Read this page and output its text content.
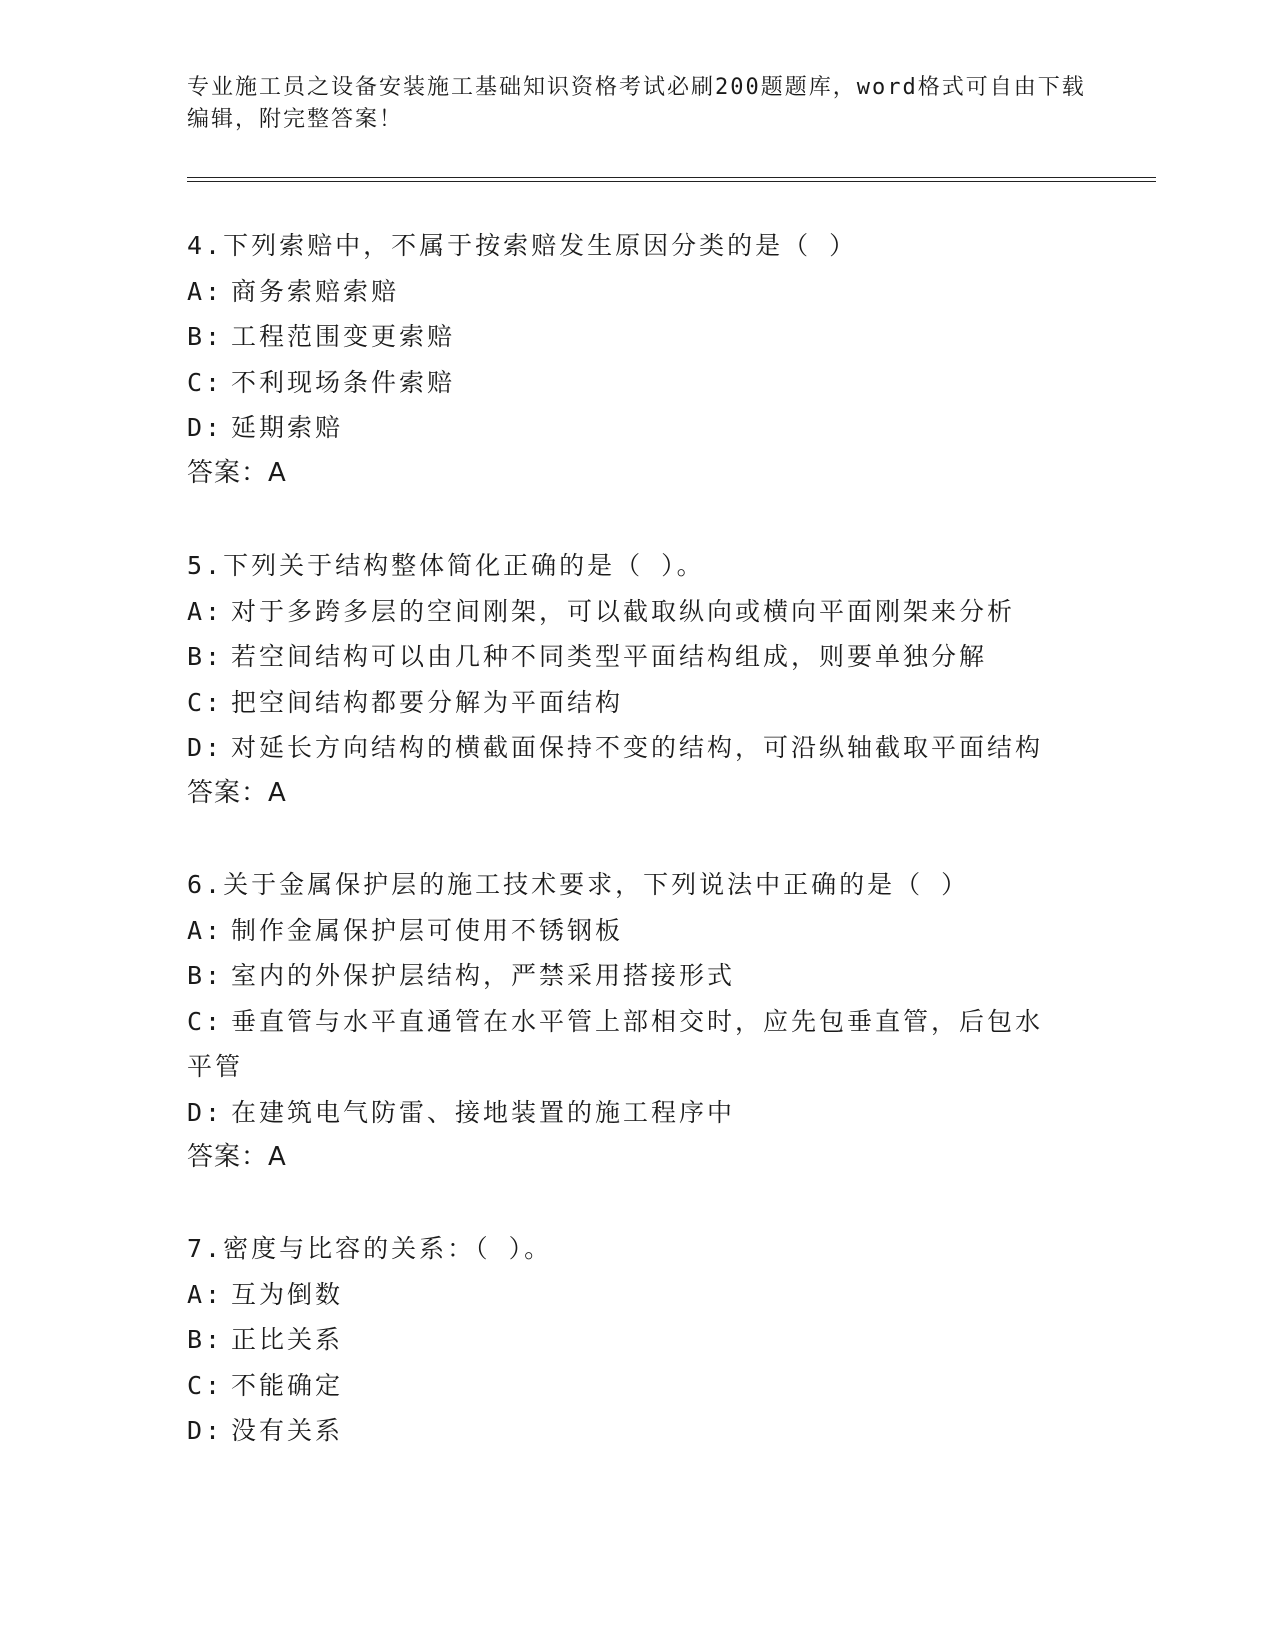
专业施工员之设备安装施工基础知识资格考试必刷200题题库，word格式可自由下载编辑，附完整答案！
4.下列索赔中，不属于按索赔发生原因分类的是（ ）
A: 商务索赔索赔
B: 工程范围变更索赔
C: 不利现场条件索赔
D: 延期索赔
答案：A
5.下列关于结构整体简化正确的是（ ）。
A: 对于多跨多层的空间刚架，可以截取纵向或横向平面刚架来分析
B: 若空间结构可以由几种不同类型平面结构组成，则要单独分解
C: 把空间结构都要分解为平面结构
D: 对延长方向结构的横截面保持不变的结构，可沿纵轴截取平面结构
答案：A
6.关于金属保护层的施工技术要求，下列说法中正确的是（ ）
A: 制作金属保护层可使用不锈钢板
B: 室内的外保护层结构，严禁采用搭接形式
C: 垂直管与水平直通管在水平管上部相交时，应先包垂直管，后包水平管
D: 在建筑电气防雷、接地装置的施工程序中
答案：A
7.密度与比容的关系：（ ）。
A: 互为倒数
B: 正比关系
C: 不能确定
D: 没有关系
